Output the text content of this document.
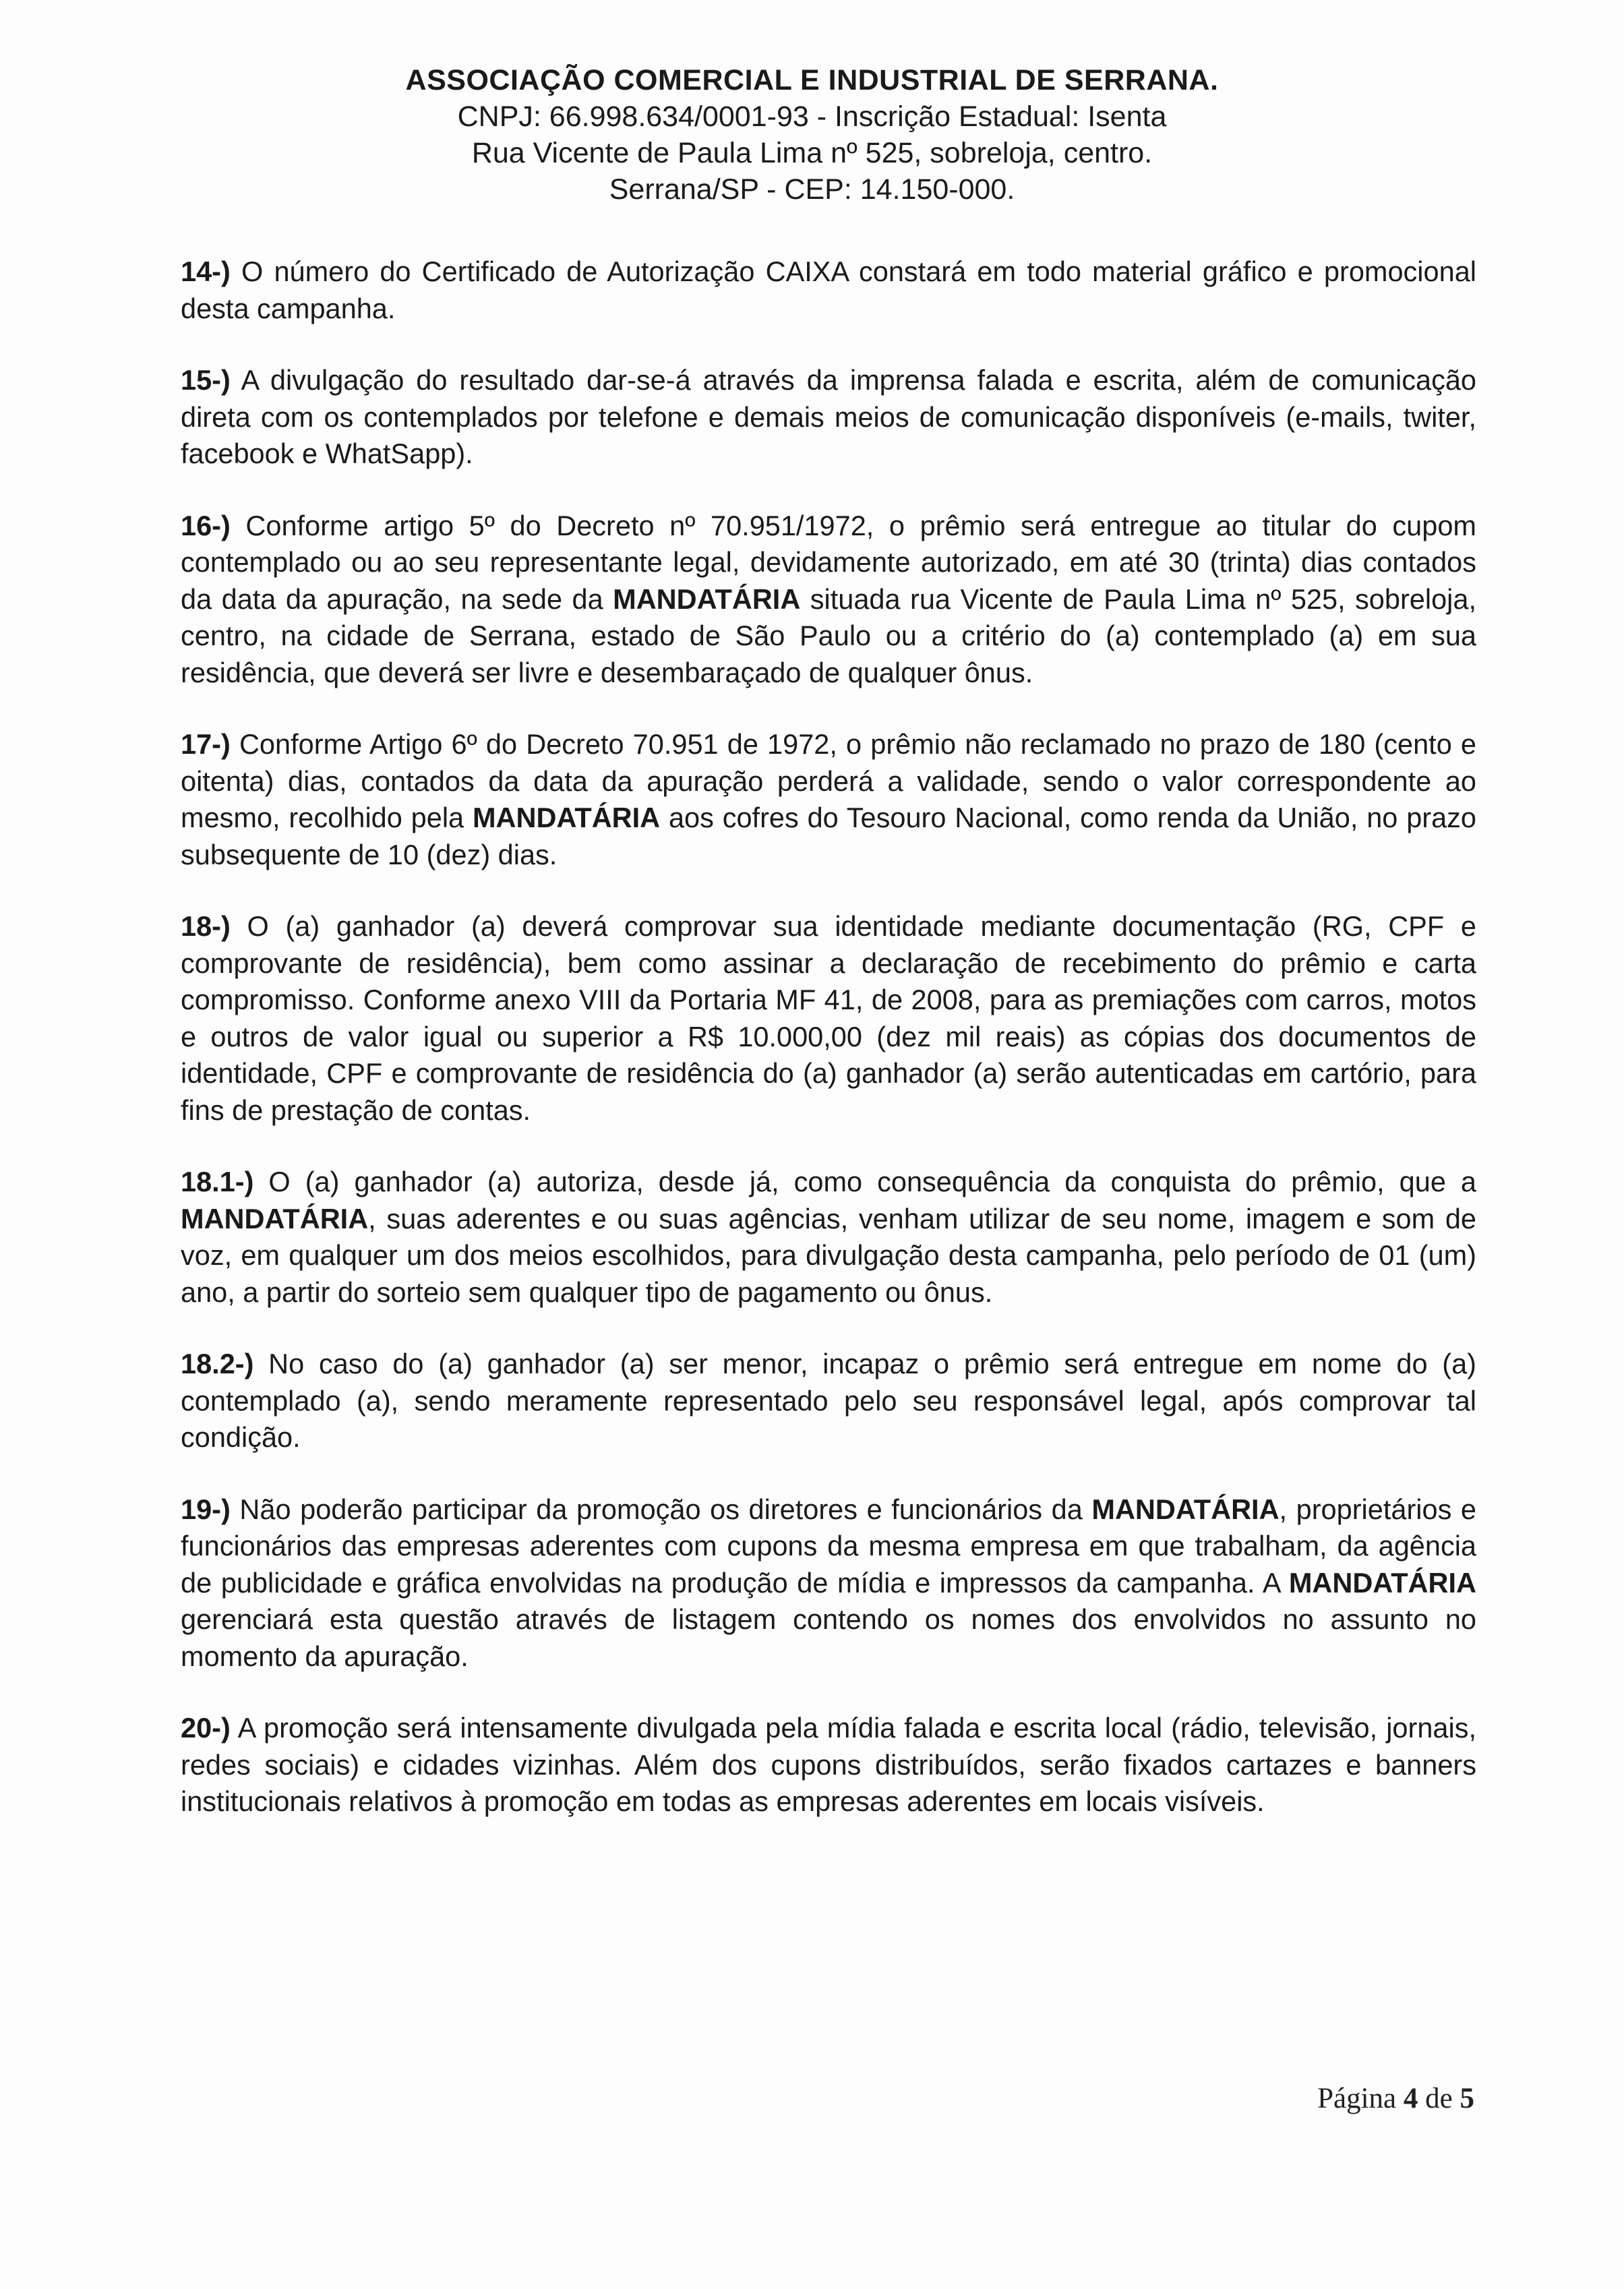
ASSOCIAÇÃO COMERCIAL E INDUSTRIAL DE SERRANA.

CNPJ: 66.998.634/0001-93 - Inscrição Estadual: Isenta

Rua Vicente de Paula Lima nº 525, sobreloja, centro.

Serrana/SP - CEP: 14.150-000.

14-) O número do Certificado de Autorização CAIXA constará em todo material gráfico e promocional desta campanha.

15-) A divulgação do resultado dar-se-á através da imprensa falada e escrita, além de comunicação direta com os contemplados por telefone e demais meios de comunicação disponíveis (e-mails, twiter, facebook e WhatSapp).

16-) Conforme artigo 5º do Decreto nº 70.951/1972, o prêmio será entregue ao titular do cupom contemplado ou ao seu representante legal, devidamente autorizado, em até 30 (trinta) dias contados da data da apuração, na sede da MANDATÁRIA situada rua Vicente de Paula Lima nº 525, sobreloja, centro, na cidade de Serrana, estado de São Paulo ou a critério do (a) contemplado (a) em sua residência, que deverá ser livre e desembaraçado de qualquer ônus.

17-) Conforme Artigo 6º do Decreto 70.951 de 1972, o prêmio não reclamado no prazo de 180 (cento e oitenta) dias, contados da data da apuração perderá a validade, sendo o valor correspondente ao mesmo, recolhido pela MANDATÁRIA aos cofres do Tesouro Nacional, como renda da União, no prazo subsequente de 10 (dez) dias.

18-) O (a) ganhador (a) deverá comprovar sua identidade mediante documentação (RG, CPF e comprovante de residência), bem como assinar a declaração de recebimento do prêmio e carta compromisso. Conforme anexo VIII da Portaria MF 41, de 2008, para as premiações com carros, motos e outros de valor igual ou superior a R$ 10.000,00 (dez mil reais) as cópias dos documentos de identidade, CPF e comprovante de residência do (a) ganhador (a) serão autenticadas em cartório, para fins de prestação de contas.

18.1-) O (a) ganhador (a) autoriza, desde já, como consequência da conquista do prêmio, que a MANDATÁRIA, suas aderentes e ou suas agências, venham utilizar de seu nome, imagem e som de voz, em qualquer um dos meios escolhidos, para divulgação desta campanha, pelo período de 01 (um) ano, a partir do sorteio sem qualquer tipo de pagamento ou ônus.

18.2-) No caso do (a) ganhador (a) ser menor, incapaz o prêmio será entregue em nome do (a) contemplado (a), sendo meramente representado pelo seu responsável legal, após comprovar tal condição.

19-) Não poderão participar da promoção os diretores e funcionários da MANDATÁRIA, proprietários e funcionários das empresas aderentes com cupons da mesma empresa em que trabalham, da agência de publicidade e gráfica envolvidas na produção de mídia e impressos da campanha. A MANDATÁRIA gerenciará esta questão através de listagem contendo os nomes dos envolvidos no assunto no momento da apuração.

20-) A promoção será intensamente divulgada pela mídia falada e escrita local (rádio, televisão, jornais, redes sociais) e cidades vizinhas. Além dos cupons distribuídos, serão fixados cartazes e banners institucionais relativos à promoção em todas as empresas aderentes em locais visíveis.

Página 4 de 5
